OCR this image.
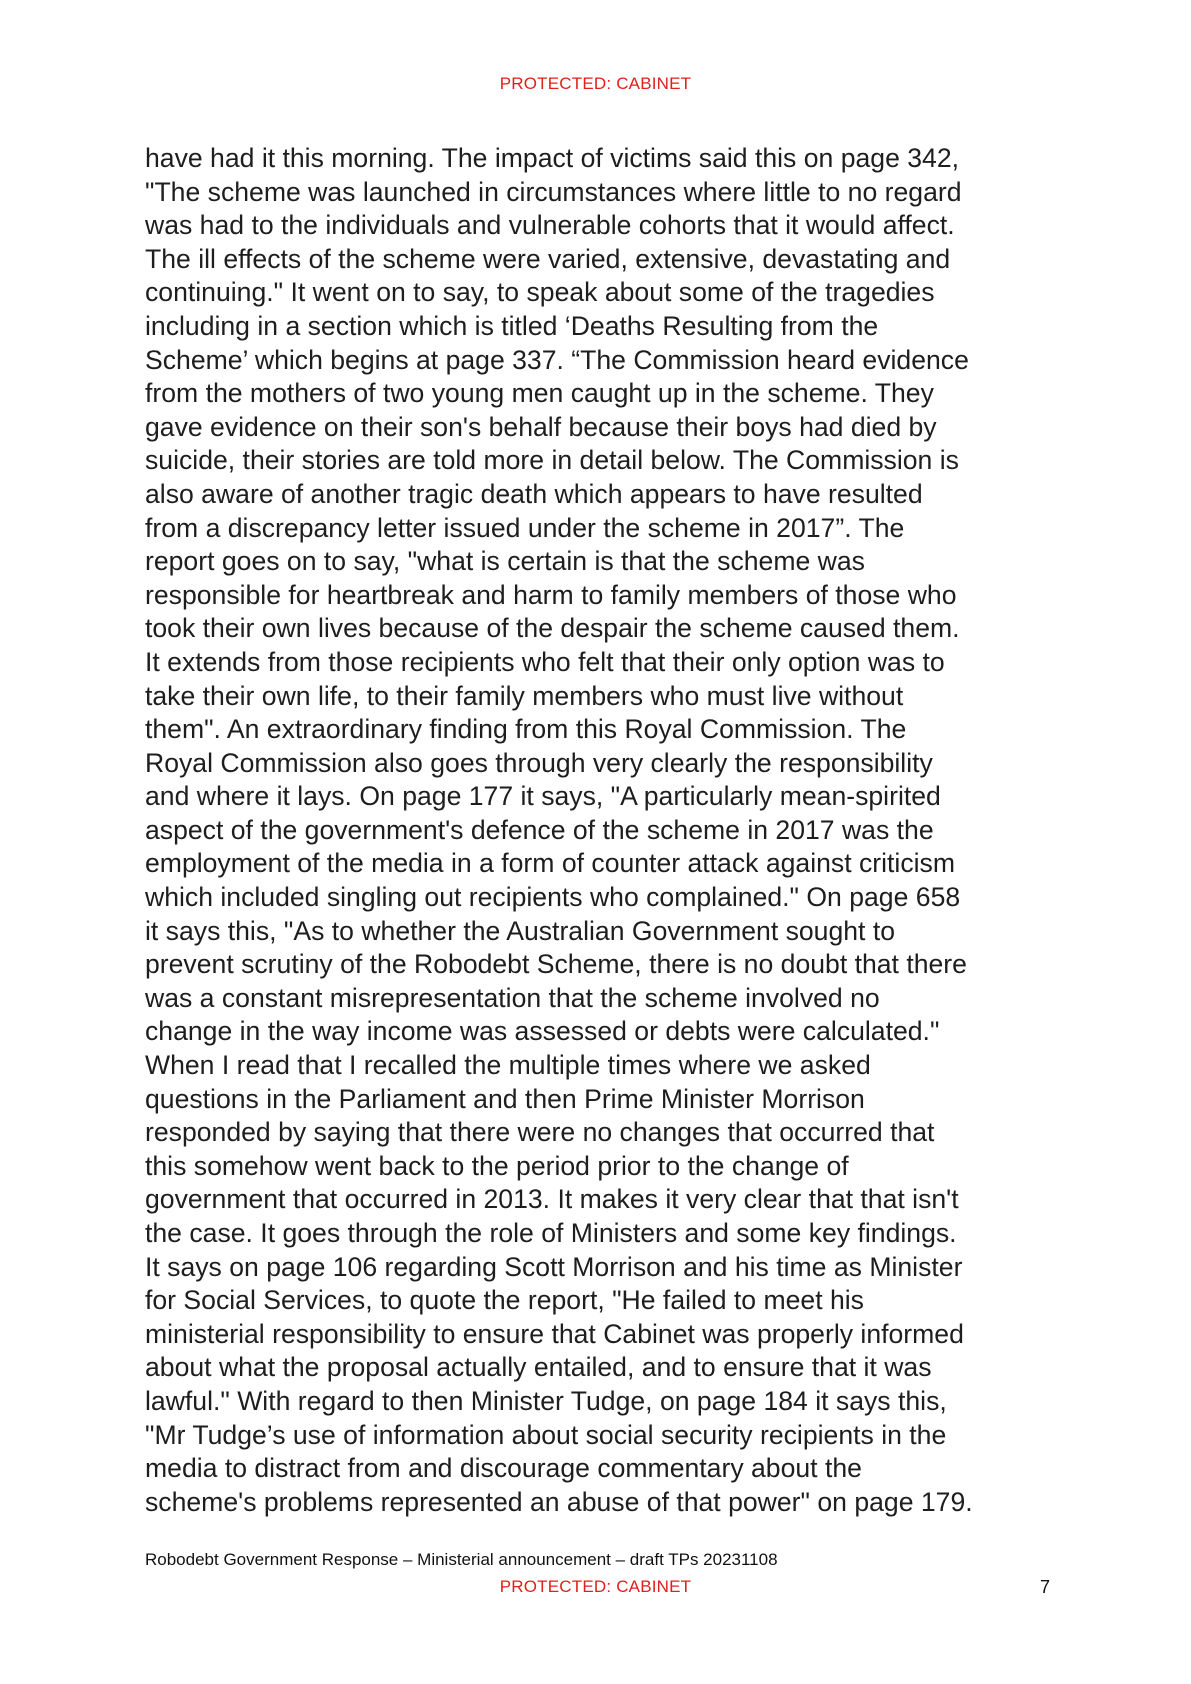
PROTECTED: CABINET
have had it this morning. The impact of victims said this on page 342,
"The scheme was launched in circumstances where little to no regard
was had to the individuals and vulnerable cohorts that it would affect.
The ill effects of the scheme were varied, extensive, devastating and
continuing." It went on to say, to speak about some of the tragedies
including in a section which is titled ‘Deaths Resulting from the
Scheme’ which begins at page 337. “The Commission heard evidence
from the mothers of two young men caught up in the scheme. They
gave evidence on their son's behalf because their boys had died by
suicide, their stories are told more in detail below. The Commission is
also aware of another tragic death which appears to have resulted
from a discrepancy letter issued under the scheme in 2017”. The
report goes on to say, "what is certain is that the scheme was
responsible for heartbreak and harm to family members of those who
took their own lives because of the despair the scheme caused them.
It extends from those recipients who felt that their only option was to
take their own life, to their family members who must live without
them". An extraordinary finding from this Royal Commission. The
Royal Commission also goes through very clearly the responsibility
and where it lays. On page 177 it says, "A particularly mean-spirited
aspect of the government's defence of the scheme in 2017 was the
employment of the media in a form of counter attack against criticism
which included singling out recipients who complained." On page 658
it says this, "As to whether the Australian Government sought to
prevent scrutiny of the Robodebt Scheme, there is no doubt that there
was a constant misrepresentation that the scheme involved no
change in the way income was assessed or debts were calculated."
When I read that I recalled the multiple times where we asked
questions in the Parliament and then Prime Minister Morrison
responded by saying that there were no changes that occurred that
this somehow went back to the period prior to the change of
government that occurred in 2013. It makes it very clear that that isn't
the case. It goes through the role of Ministers and some key findings.
It says on page 106 regarding Scott Morrison and his time as Minister
for Social Services, to quote the report, "He failed to meet his
ministerial responsibility to ensure that Cabinet was properly informed
about what the proposal actually entailed, and to ensure that it was
lawful." With regard to then Minister Tudge, on page 184 it says this,
"Mr Tudge’s use of information about social security recipients in the
media to distract from and discourage commentary about the
scheme's problems represented an abuse of that power" on page 179.
Robodebt Government Response – Ministerial announcement – draft TPs 20231108
PROTECTED: CABINET	7
